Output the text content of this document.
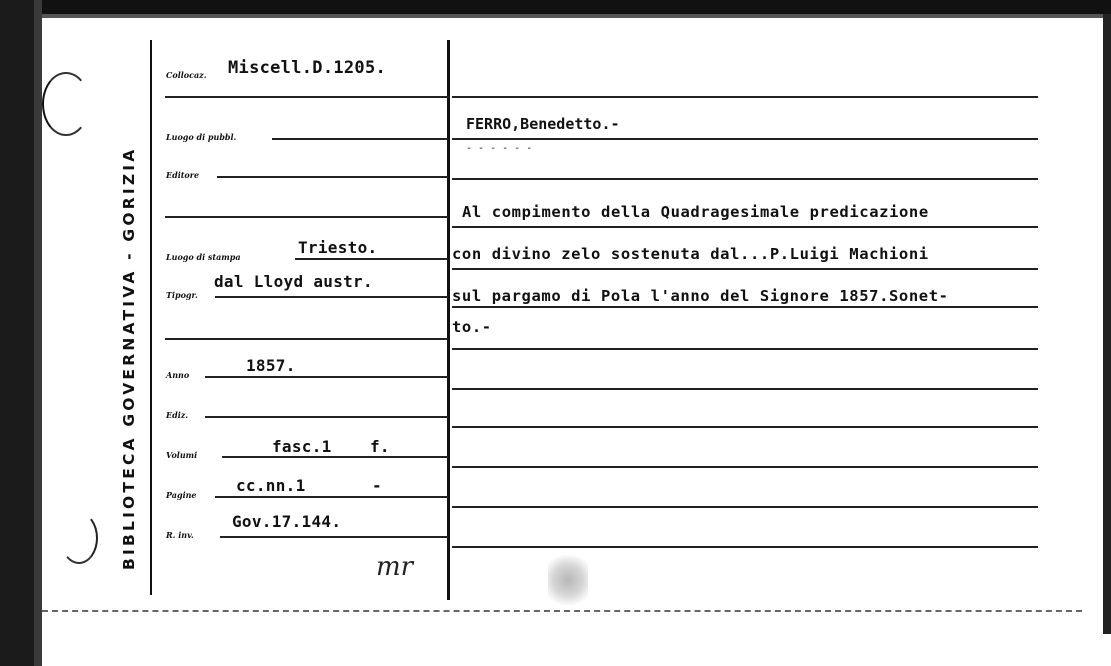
BIBLIOTECA GOVERNATIVA - GORIZIA
Collocaz.
Luogo di pubbl.
Editore
Luogo di stampa
Tipogr.
Anno
Ediz.
Volumi
Pagine
R. inv.
Miscell.D.1205.
Triesto.
dal Lloyd austr.
1857.
fasc.1 f.
cc.nn.1	-
Gov.17.144.
FERRO,Benedetto.-
- - - - - -
Al compimento della Quadragesimale predicazione
con divino zelo sostenuta dal...P.Luigi Machioni
sul pargamo di Pola l'anno del Signore 1857.Sonet-
to.-
mr
